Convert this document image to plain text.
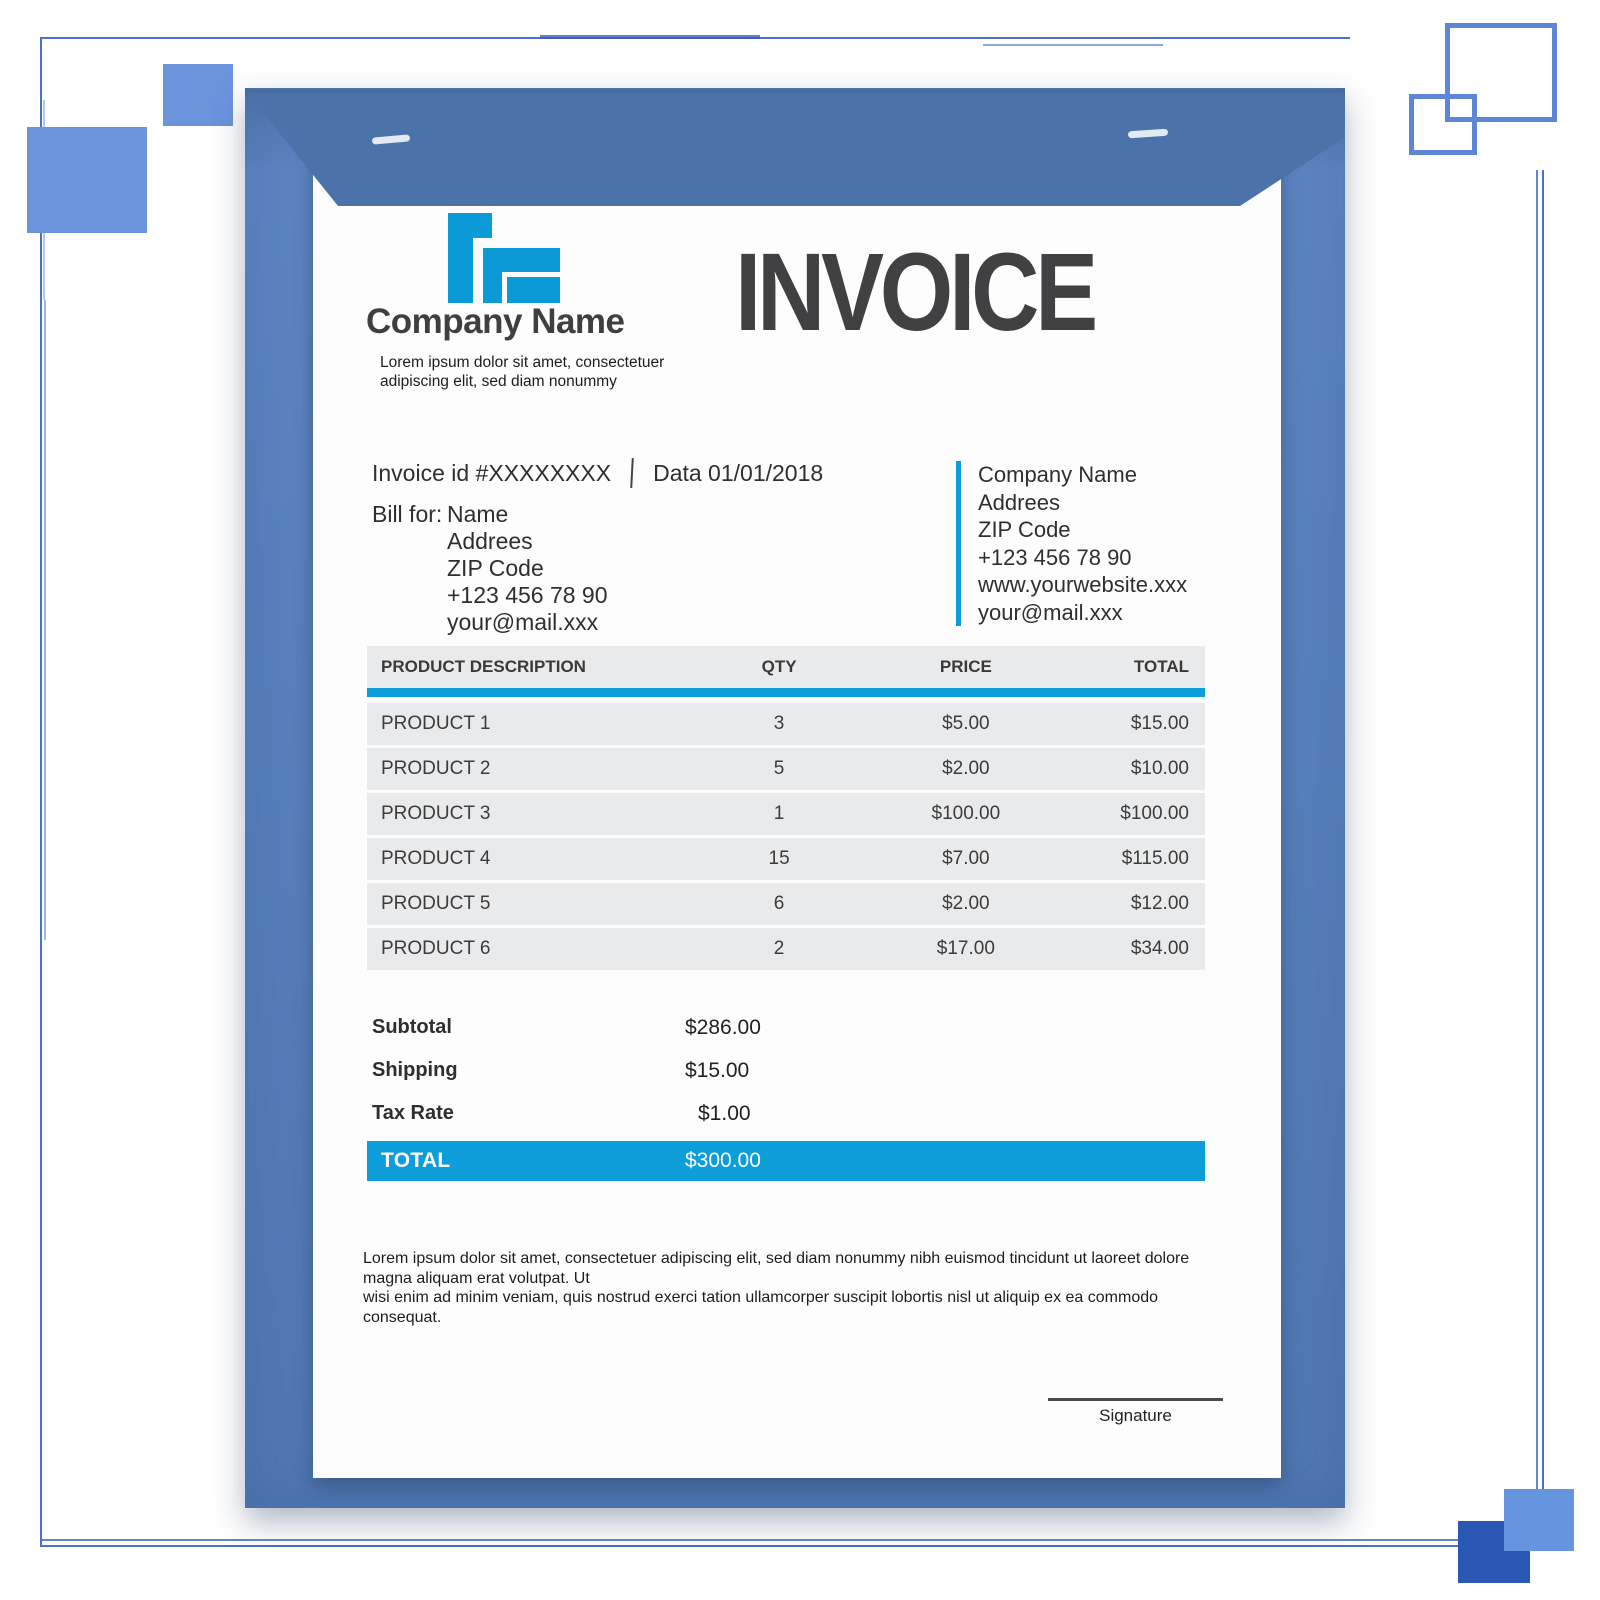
Company Name
Lorem ipsum dolor sit amet, consectetuer
adipiscing elit, sed diam nonummy
INVOICE
Invoice id #XXXXXXXX Data 01/01/2018
Bill for: Name
Addrees
ZIP Code
+123 456 78 90
your@mail.xxx
Company Name
Addrees
ZIP Code
+123 456 78 90
www.yourwebsite.xxx
your@mail.xxx
PRODUCT DESCRIPTION	QTY	PRICE	TOTAL
PRODUCT 1	3	$5.00	$15.00
PRODUCT 2	5	$2.00	$10.00
PRODUCT 3	1	$100.00	$100.00
PRODUCT 4	15	$7.00	$115.00
PRODUCT 5	6	$2.00	$12.00
PRODUCT 6	2	$17.00	$34.00
Subtotal	$286.00
Shipping	$15.00
Tax Rate	$1.00
TOTAL	$300.00
Lorem ipsum dolor sit amet, consectetuer adipiscing elit, sed diam nonummy nibh euismod tincidunt ut laoreet dolore magna aliquam erat volutpat. Ut
wisi enim ad minim veniam, quis nostrud exerci tation ullamcorper suscipit lobortis nisl ut aliquip ex ea commodo consequat.
Signature
